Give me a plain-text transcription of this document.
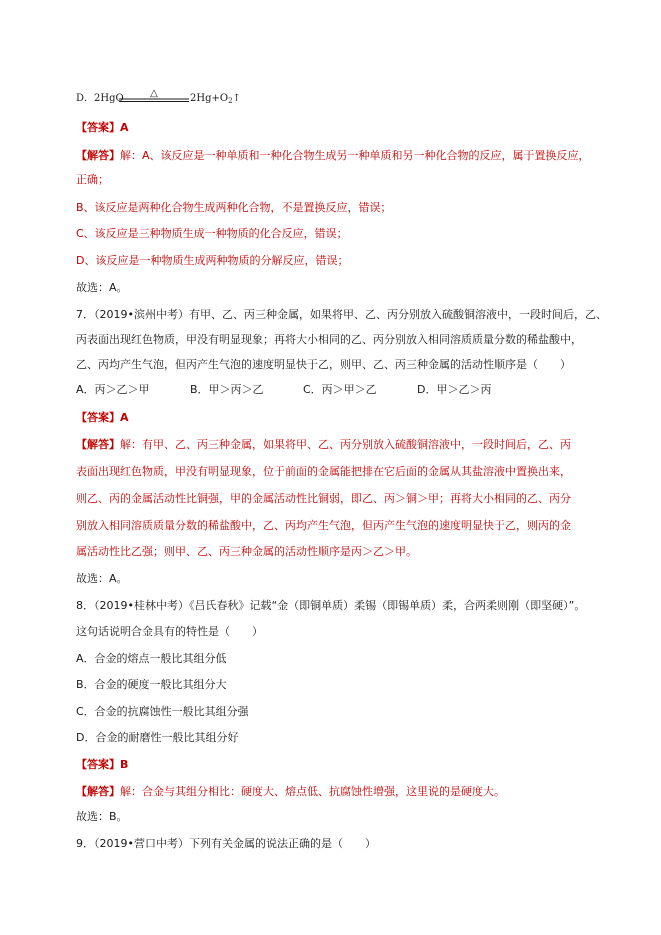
D．2HgO	△	$2Hg+O_2↑$
【答案】A
【解答】解：A、该反应是一种单质和一种化合物生成另一种单质和另一种化合物的反应，属于置换反应，
正确；
B、该反应是两种化合物生成两种化合物，不是置换反应，错误；
C、该反应是三种物质生成一种物质的化合反应，错误；
D、该反应是一种物质生成两种物质的分解反应，错误；
故选：A。
7．（2019•滨州中考）有甲、乙、丙三种金属，如果将甲、乙、丙分别放入硫酸铜溶液中，一段时间后，乙、
丙表面出现红色物质，甲没有明显现象；再将大小相同的乙、丙分别放入相同溶质质量分数的稀盐酸中，
乙、丙均产生气泡，但丙产生气泡的速度明显快于乙，则甲、乙、丙三种金属的活动性顺序是（　　）
A．丙＞乙＞甲	B．甲＞丙＞乙	C．丙＞甲＞乙	D．甲＞乙＞丙
【答案】A
【解答】解：有甲、乙、丙三种金属，如果将甲、乙、丙分别放入硫酸铜溶液中，一段时间后，乙、丙
表面出现红色物质，甲没有明显现象，位于前面的金属能把排在它后面的金属从其盐溶液中置换出来，
则乙、丙的金属活动性比铜强，甲的金属活动性比铜弱，即乙、丙＞铜＞甲；再将大小相同的乙、丙分
别放入相同溶质质量分数的稀盐酸中，乙、丙均产生气泡，但丙产生气泡的速度明显快于乙，则丙的金
属活动性比乙强；则甲、乙、丙三种金属的活动性顺序是丙＞乙＞甲。
故选：A。
8．（2019•桂林中考）《吕氏春秋》记载“金（即铜单质）柔锡（即锡单质）柔，合两柔则刚（即坚硬）”。
这句话说明合金具有的特性是（　　）
A．合金的熔点一般比其组分低
B．合金的硬度一般比其组分大
C．合金的抗腐蚀性一般比其组分强
D．合金的耐磨性一般比其组分好
【答案】B
【解答】解：合金与其组分相比：硬度大、熔点低、抗腐蚀性增强，这里说的是硬度大。
故选：B。
9．（2019•营口中考）下列有关金属的说法正确的是（　　）
